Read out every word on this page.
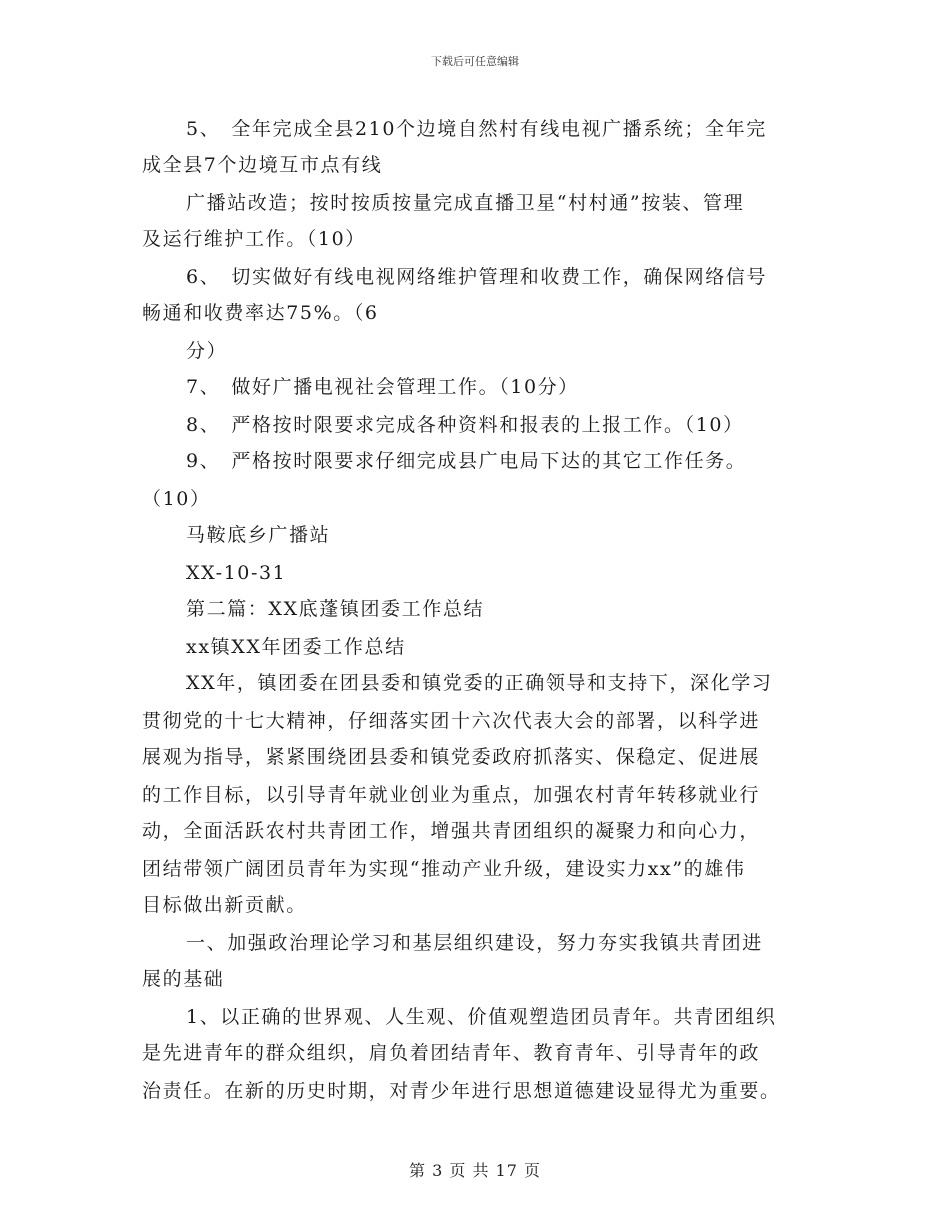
下载后可任意编辑
5、　全年完成全县210个边境自然村有线电视广播系统；全年完
成全县7个边境互市点有线
广播站改造；按时按质按量完成直播卫星“村村通”按装、管理
及运行维护工作。（10）
6、　切实做好有线电视网络维护管理和收费工作，确保网络信号
畅通和收费率达75%。（6
分）
7、　做好广播电视社会管理工作。（10分）
8、　严格按时限要求完成各种资料和报表的上报工作。（10）
9、　严格按时限要求仔细完成县广电局下达的其它工作任务。
（10）
马鞍底乡广播站
XX-10-31
第二篇：XX底蓬镇团委工作总结
xx镇XX年团委工作总结
XX年，镇团委在团县委和镇党委的正确领导和支持下，深化学习
贯彻党的十七大精神，仔细落实团十六次代表大会的部署，以科学进
展观为指导，紧紧围绕团县委和镇党委政府抓落实、保稳定、促进展
的工作目标，以引导青年就业创业为重点，加强农村青年转移就业行
动，全面活跃农村共青团工作，增强共青团组织的凝聚力和向心力，
团结带领广阔团员青年为实现“推动产业升级，建设实力xx”的雄伟
目标做出新贡献。
一、加强政治理论学习和基层组织建设，努力夯实我镇共青团进
展的基础
1、以正确的世界观、人生观、价值观塑造团员青年。共青团组织
是先进青年的群众组织，肩负着团结青年、教育青年、引导青年的政
治责任。在新的历史时期，对青少年进行思想道德建设显得尤为重要。
第 3 页 共 17 页
